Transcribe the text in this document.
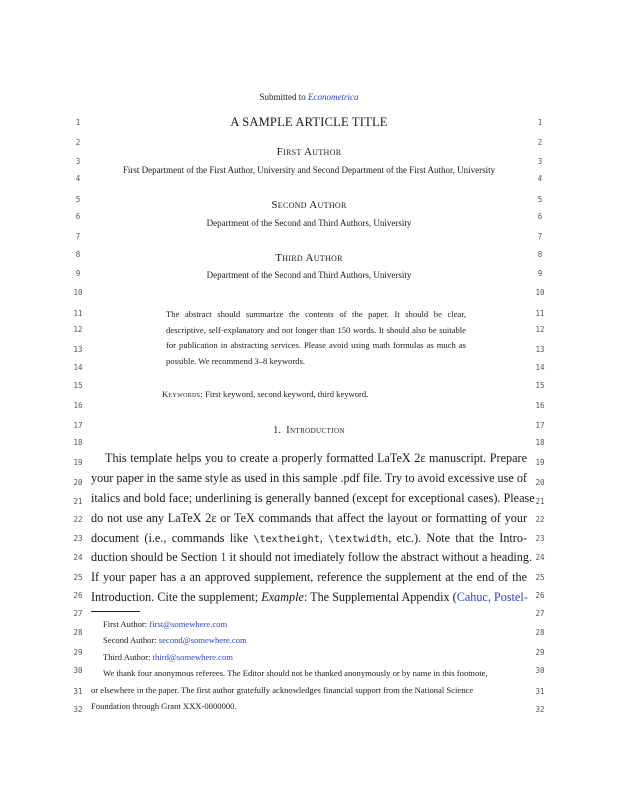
Submitted to Econometrica
A SAMPLE ARTICLE TITLE
First Author
First Department of the First Author, University and Second Department of the First Author, University
Second Author
Department of the Second and Third Authors, University
Third Author
Department of the Second and Third Authors, University
The abstract should summarize the contents of the paper. It should be clear, descriptive, self-explanatory and not longer than 150 words. It should also be suitable for publication in abstracting services. Please avoid using math formulas as much as possible. We recommend 3–8 keywords.
Keywords: First keyword, second keyword, third keyword.
1. Introduction
This template helps you to create a properly formatted LaTeX 2ε manuscript. Prepare
your paper in the same style as used in this sample .pdf file. Try to avoid excessive use of
italics and bold face; underlining is generally banned (except for exceptional cases). Please
do not use any LaTeX 2ε or TeX commands that affect the layout or formatting of your
document (i.e., commands like \textheight, \textwidth, etc.). Note that the Intro-
duction should be Section 1 it should not imediately follow the abstract without a heading.
If your paper has a an approved supplement, reference the supplement at the end of the
Introduction. Cite the supplement; Example: The Supplemental Appendix (Cahuc, Postel-
First Author: first@somewhere.com
Second Author: second@somewhere.com
Third Author: third@somewhere.com
We thank four anonymous referees. The Editor should not be thanked anonymously or by name in this footnote,
or elsewhere in the paper. The first author gratefully acknowledges financial support from the National Science
Foundation through Grant XXX-0000000.
1	1
2	2
3	3
4	4
5	5
6	6
7	7
8	8
9	9
10	10
11	11
12	12
13	13
14	14
15	15
16	16
17	17
18	18
19	19
20	20
21	21
22	22
23	23
24	24
25	25
26	26
27	27
28	28
29	29
30	30
31	31
32	32
